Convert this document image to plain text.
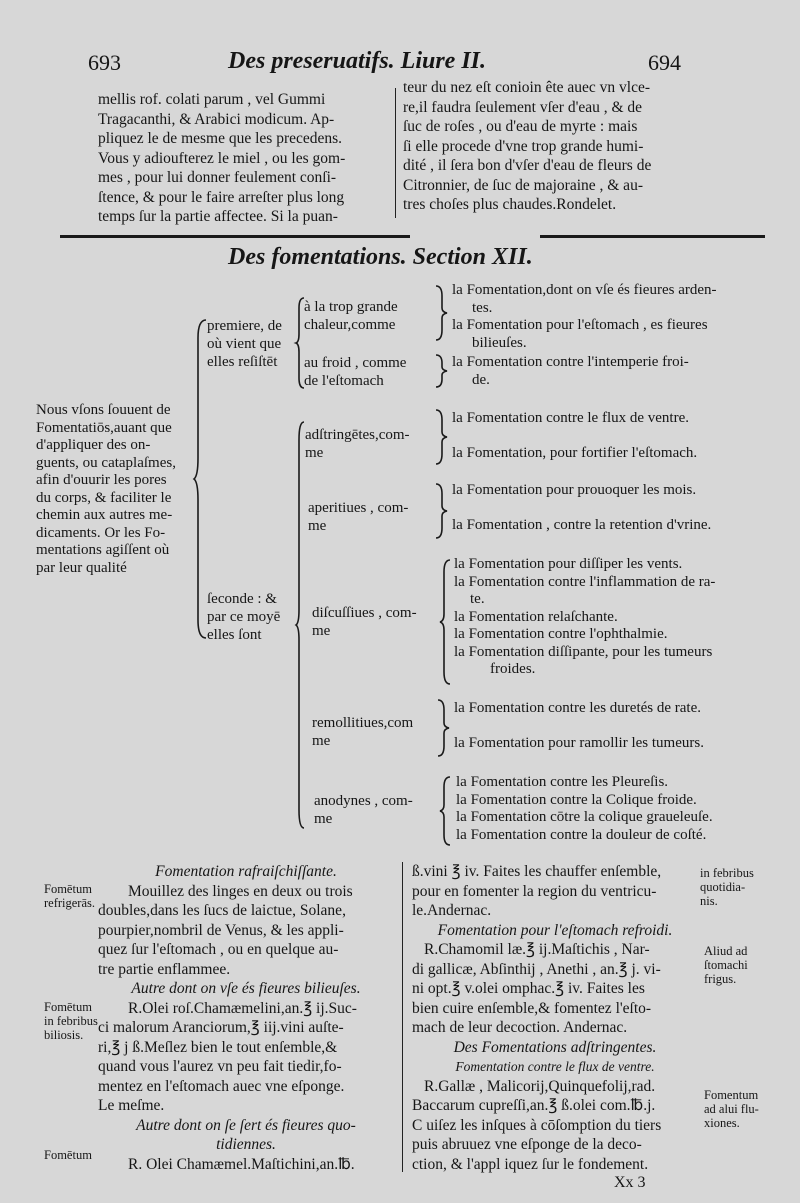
693	Des preseruatifs. Liure II.	694
mellis rof. colati parum , vel Gummi
Tragacanthi, & Arabici modicum. Ap-
pliquez le de mesme que les precedens.
Vous y adioufterez le miel , ou les gom-
mes , pour lui donner feulement conſi-
ſtence, & pour le faire arreſter plus long
temps ſur la partie affectee. Si la puan-
teur du nez eſt conioin ête auec vn vlce-
re,il faudra ſeulement vſer d'eau , & de
ſuc de roſes , ou d'eau de myrte : mais
ſi elle procede d'vne trop grande humi-
dité , il ſera bon d'vſer d'eau de fleurs de
Citronnier, de ſuc de majoraine , & au-
tres choſes plus chaudes.Rondelet.
Des fomentations. Section XII.
Nous vſons ſouuent de
Fomentatiōs,auant que
d'appliquer des on-
guents, ou cataplaſmes,
afin d'ouurir les pores
du corps, & faciliter le
chemin aux autres me-
dicaments. Or les Fo-
mentations agiſſent où
par leur qualité
premiere, de
où vient que
elles reſiſtēt
à la trop grande
chaleur,comme
la Fomentation,dont on vſe és fieures arden-
tes.
la Fomentation pour l'eſtomach , es fieures
bilieuſes.
au froid , comme
de l'eſtomach
la Fomentation contre l'intemperie froi-
de.
ſeconde : &
par ce moyē
elles ſont
adſtringētes,com-
me
la Fomentation contre le flux de ventre.
la Fomentation, pour fortifier l'eſtomach.
aperitiues , com-
me
la Fomentation pour prouoquer les mois.
la Fomentation , contre la retention d'vrine.
diſcuſſiues , com-
me
la Fomentation pour diſſiper les vents.
la Fomentation contre l'inflammation de ra-
te.
la Fomentation relaſchante.
la Fomentation contre l'ophthalmie.
la Fomentation diſſipante, pour les tumeurs
froides.
remollitiues,com
me
la Fomentation contre les duretés de rate.
la Fomentation pour ramollir les tumeurs.
anodynes , com-
me
la Fomentation contre les Pleureſis.
la Fomentation contre la Colique froide.
la Fomentation cōtre la colique graueleuſe.
la Fomentation contre la douleur de coſté.
Fomētum
refrigerās.
Fomētum
in febribus
biliosis.
Fomētum
Fomentation rafraiſchiſſante.
Mouillez des linges en deux ou trois
doubles,dans les ſucs de laictue, Solane,
pourpier,nombril de Venus, & les appli-
quez ſur l'eſtomach , ou en quelque au-
tre partie enflammee.
Autre dont on vſe és fieures bilieuſes.
R.Olei roſ.Chamæmelini,an.℥ ij.Suc-
ci malorum Aranciorum,℥ iij.vini auſte-
ri,℥ j ß.Meſlez bien le tout enſemble,&
quand vous l'aurez vn peu fait tiedir,fo-
mentez en l'eſtomach auec vne eſponge.
Le meſme.
Autre dont on ſe ſert és fieures quo-
tidiennes.
R. Olei Chamæmel.Maſtichini,an.℔.
ß.vini ℥ iv. Faites les chauffer enſemble,
pour en fomenter la region du ventricu-
le.Andernac.
Fomentation pour l'eſtomach refroidi.
R.Chamomil læ.℥ ij.Maſtichis , Nar-
di gallicæ, Abſinthij , Anethi , an.℥ j. vi-
ni opt.℥ v.olei omphac.℥ iv. Faites les
bien cuire enſemble,& fomentez l'eſto-
mach de leur decoction. Andernac.
Des Fomentations adſtringentes.
Fomentation contre le flux de ventre.
R.Gallæ , Malicorij,Quinquefolij,rad.
Baccarum cupreſſi,an.℥ ß.olei com.℔.j.
C uiſez les inſques à cōſomption du tiers
puis abruuez vne eſponge de la deco-
ction, & l'appl iquez ſur le fondement.
in febribus
quotidia-
nis.
Aliud ad
ſtomachi
frigus.
Fomentum
ad alui flu-
xiones.
Xx 3
